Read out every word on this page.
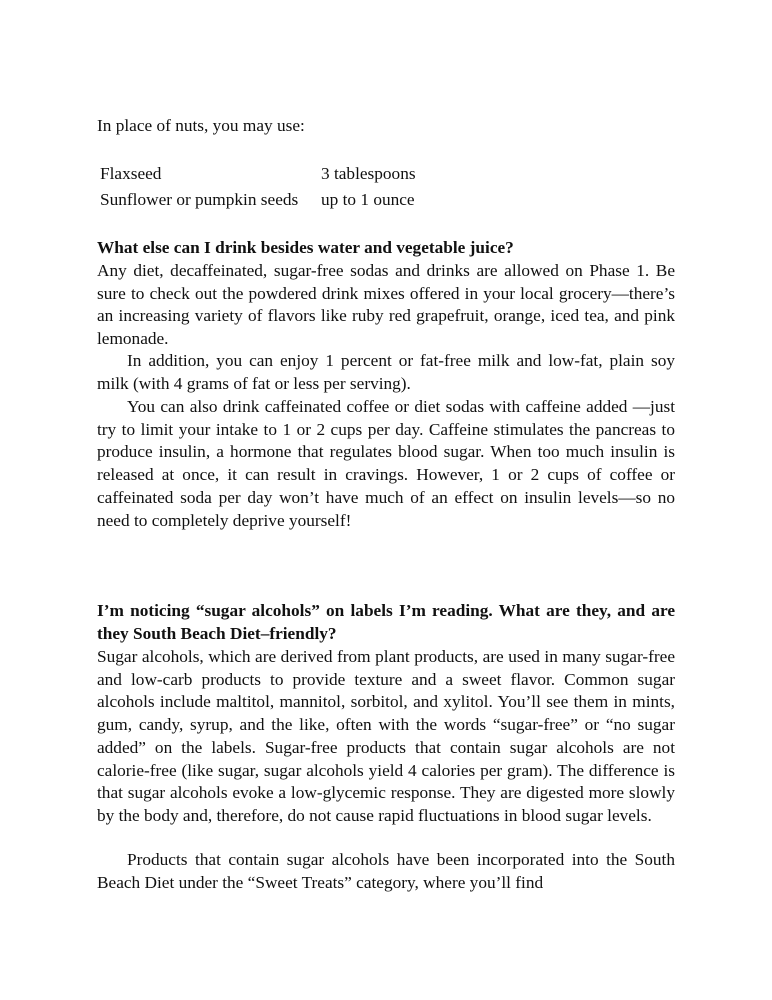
In place of nuts, you may use:

Flaxseed	3 tablespoons
Sunflower or pumpkin seeds up to 1 ounce

What else can I drink besides water and vegetable juice?

Any diet, decaffeinated, sugar-free sodas and drinks are allowed on Phase 1. Be sure to check out the powdered drink mixes offered in your local grocery—there’s an increasing variety of flavors like ruby red grapefruit, orange, iced tea, and pink lemonade.

In addition, you can enjoy 1 percent or fat-free milk and low-fat, plain soy milk (with 4 grams of fat or less per serving).

You can also drink caffeinated coffee or diet sodas with caffeine added —just try to limit your intake to 1 or 2 cups per day. Caffeine stimulates the pancreas to produce insulin, a hormone that regulates blood sugar. When too much insulin is released at once, it can result in cravings. However, 1 or 2 cups of coffee or caffeinated soda per day won’t have much of an effect on insulin levels—so no need to completely deprive yourself!

I’m noticing “sugar alcohols” on labels I’m reading. What are they, and are they South Beach Diet–friendly?

Sugar alcohols, which are derived from plant products, are used in many sugar-free and low-carb products to provide texture and a sweet flavor. Common sugar alcohols include maltitol, mannitol, sorbitol, and xylitol. You’ll see them in mints, gum, candy, syrup, and the like, often with the words “sugar-free” or “no sugar added” on the labels. Sugar-free products that contain sugar alcohols are not calorie-free (like sugar, sugar alcohols yield 4 calories per gram). The difference is that sugar alcohols evoke a low-glycemic response. They are digested more slowly by the body and, therefore, do not cause rapid fluctuations in blood sugar levels.

Products that contain sugar alcohols have been incorporated into the South Beach Diet under the “Sweet Treats” category, where you’ll find
